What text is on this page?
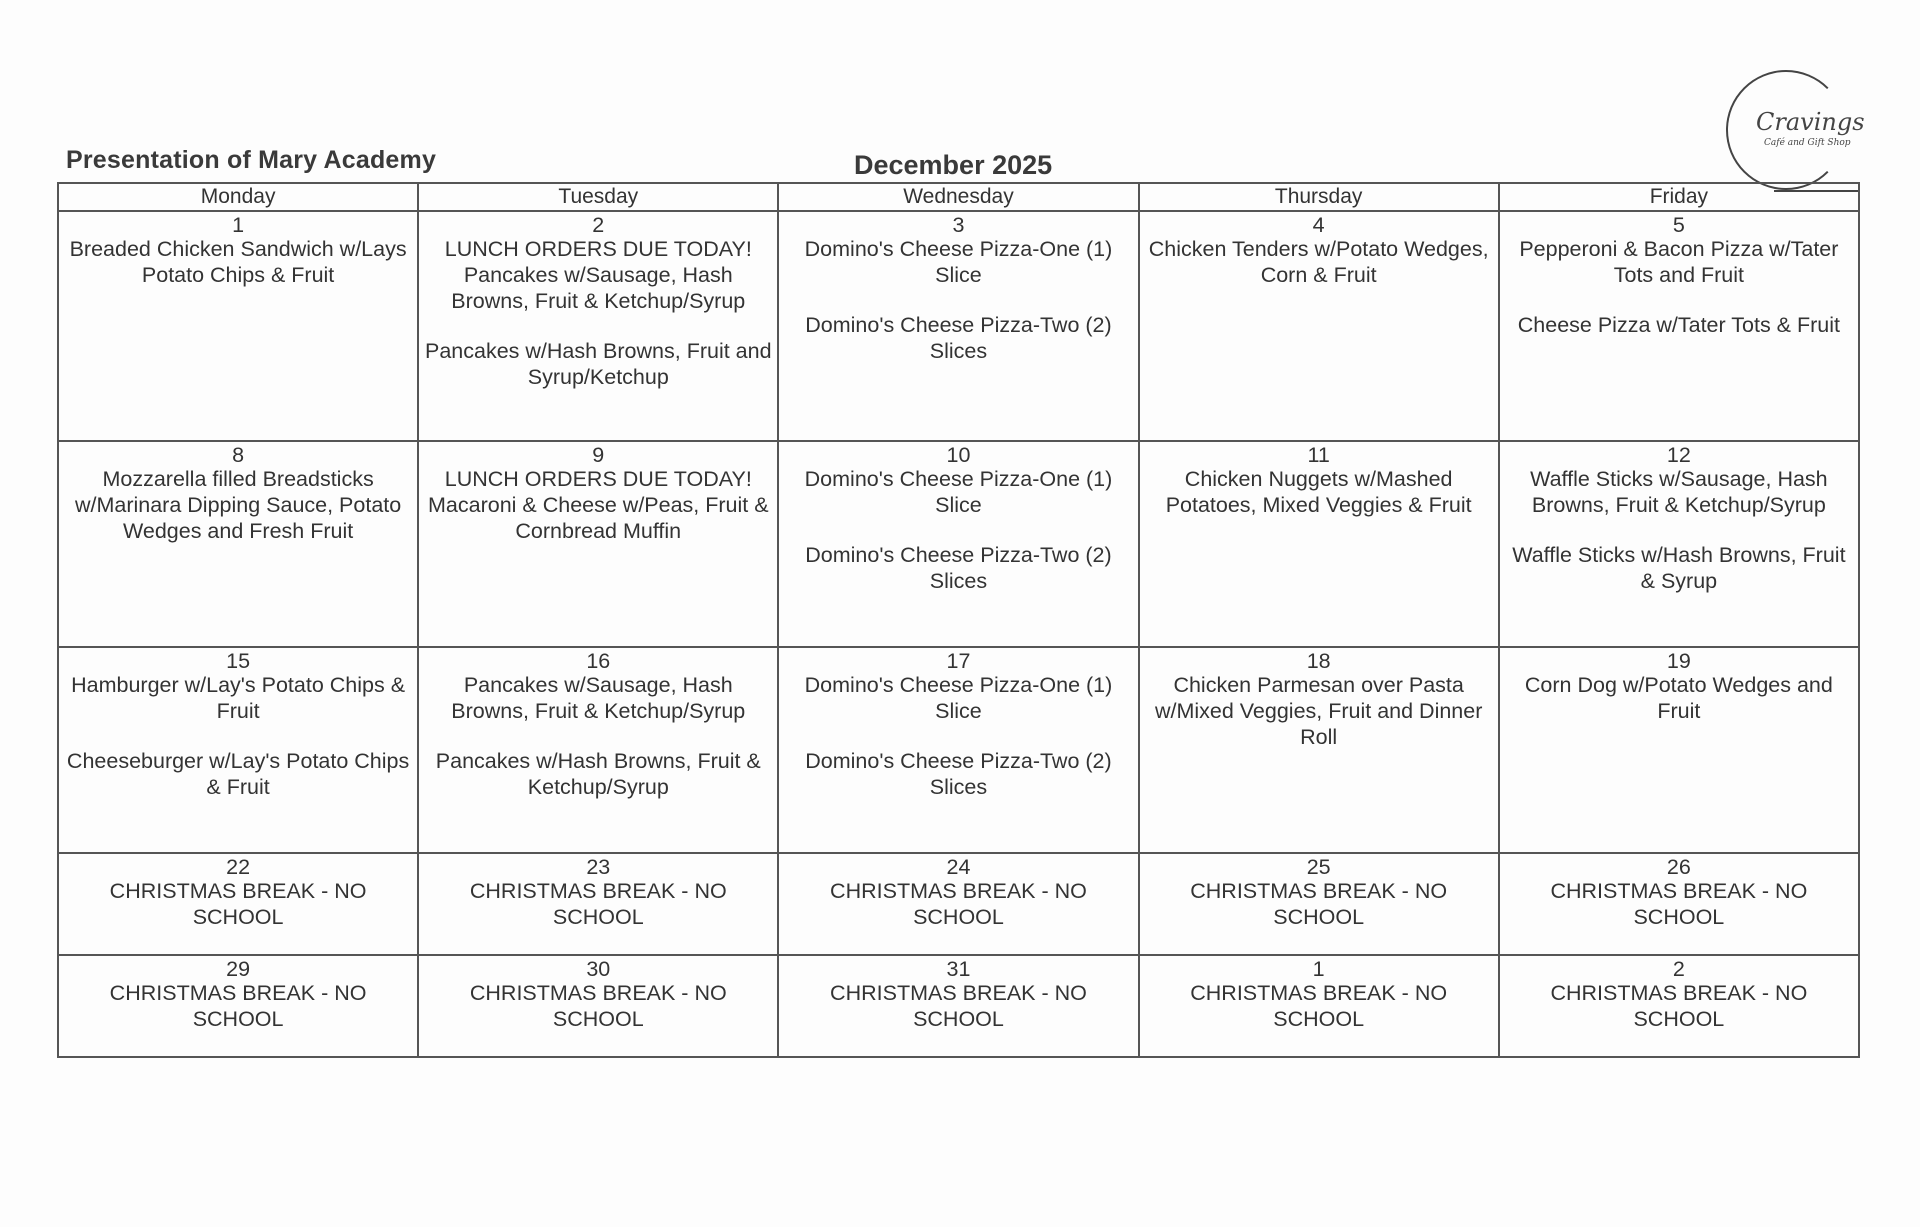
Presentation of Mary Academy	December 2025
Cravings
Café and Gift Shop
Monday	Tuesday	Wednesday	Thursday	Friday

1
Breaded Chicken Sandwich w/Lays Potato Chips & Fruit	2
LUNCH ORDERS DUE TODAY!
Pancakes w/Sausage, Hash Browns, Fruit & Ketchup/Syrup
Pancakes w/Hash Browns, Fruit and Syrup/Ketchup	3
Domino's Cheese Pizza-One (1) Slice
Domino's Cheese Pizza-Two (2) Slices	4
Chicken Tenders w/Potato Wedges, Corn & Fruit	5
Pepperoni & Bacon Pizza w/Tater Tots and Fruit
Cheese Pizza w/Tater Tots & Fruit

8
Mozzarella filled Breadsticks w/Marinara Dipping Sauce, Potato Wedges and Fresh Fruit	9
LUNCH ORDERS DUE TODAY!
Macaroni & Cheese w/Peas, Fruit & Cornbread Muffin	10
Domino's Cheese Pizza-One (1) Slice
Domino's Cheese Pizza-Two (2) Slices	11
Chicken Nuggets w/Mashed Potatoes, Mixed Veggies & Fruit	12
Waffle Sticks w/Sausage, Hash Browns, Fruit & Ketchup/Syrup
Waffle Sticks w/Hash Browns, Fruit & Syrup

15
Hamburger w/Lay's Potato Chips & Fruit
Cheeseburger w/Lay's Potato Chips & Fruit	16
Pancakes w/Sausage, Hash Browns, Fruit & Ketchup/Syrup
Pancakes w/Hash Browns, Fruit & Ketchup/Syrup	17
Domino's Cheese Pizza-One (1) Slice
Domino's Cheese Pizza-Two (2) Slices	18
Chicken Parmesan over Pasta w/Mixed Veggies, Fruit and Dinner Roll	19
Corn Dog w/Potato Wedges and Fruit

22
CHRISTMAS BREAK - NO SCHOOL	23
CHRISTMAS BREAK - NO SCHOOL	24
CHRISTMAS BREAK - NO SCHOOL	25
CHRISTMAS BREAK - NO SCHOOL	26
CHRISTMAS BREAK - NO SCHOOL

29
CHRISTMAS BREAK - NO SCHOOL	30
CHRISTMAS BREAK - NO SCHOOL	31
CHRISTMAS BREAK - NO SCHOOL	1
CHRISTMAS BREAK - NO SCHOOL	2
CHRISTMAS BREAK - NO SCHOOL
